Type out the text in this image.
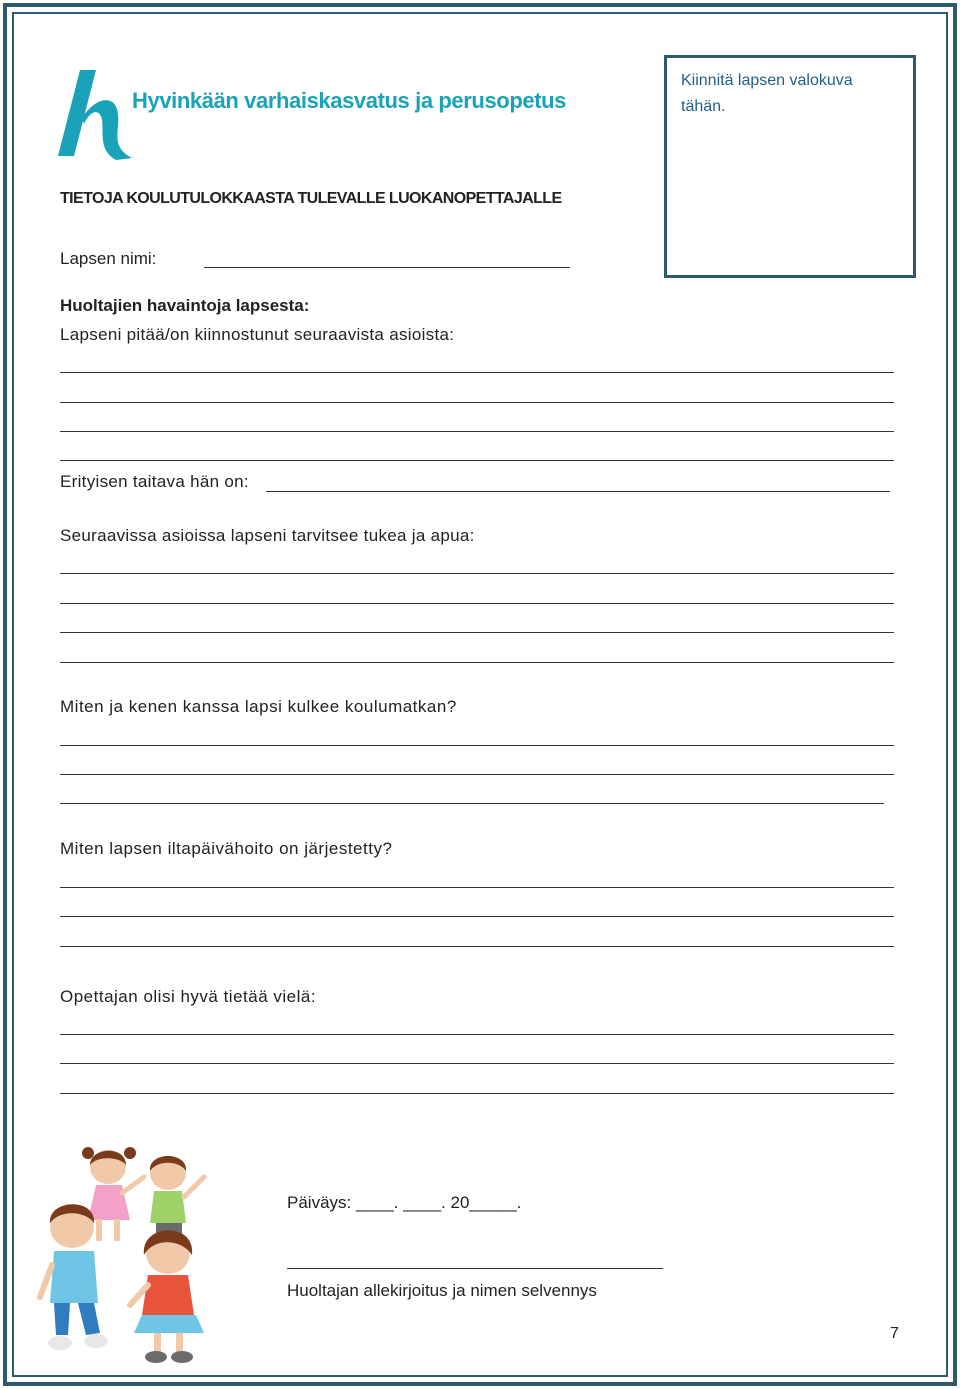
Hyvinkään varhaiskasvatus ja perusopetus
Kiinnitä lapsen valokuva tähän.
TIETOJA KOULUTULOKKAASTA TULEVALLE LUOKANOPETTAJALLE
Lapsen nimi:
Huoltajien havaintoja lapsesta:
Lapseni pitää/on kiinnostunut seuraavista asioista:
Erityisen taitava hän on:
Seuraavissa asioissa lapseni tarvitsee tukea ja apua:
Miten ja kenen kanssa lapsi kulkee koulumatkan?
Miten lapsen iltapäivähoito on järjestetty?
Opettajan olisi hyvä tietää vielä:
Päiväys: ____. ____. 20_____.
Huoltajan allekirjoitus ja nimen selvennys
7
